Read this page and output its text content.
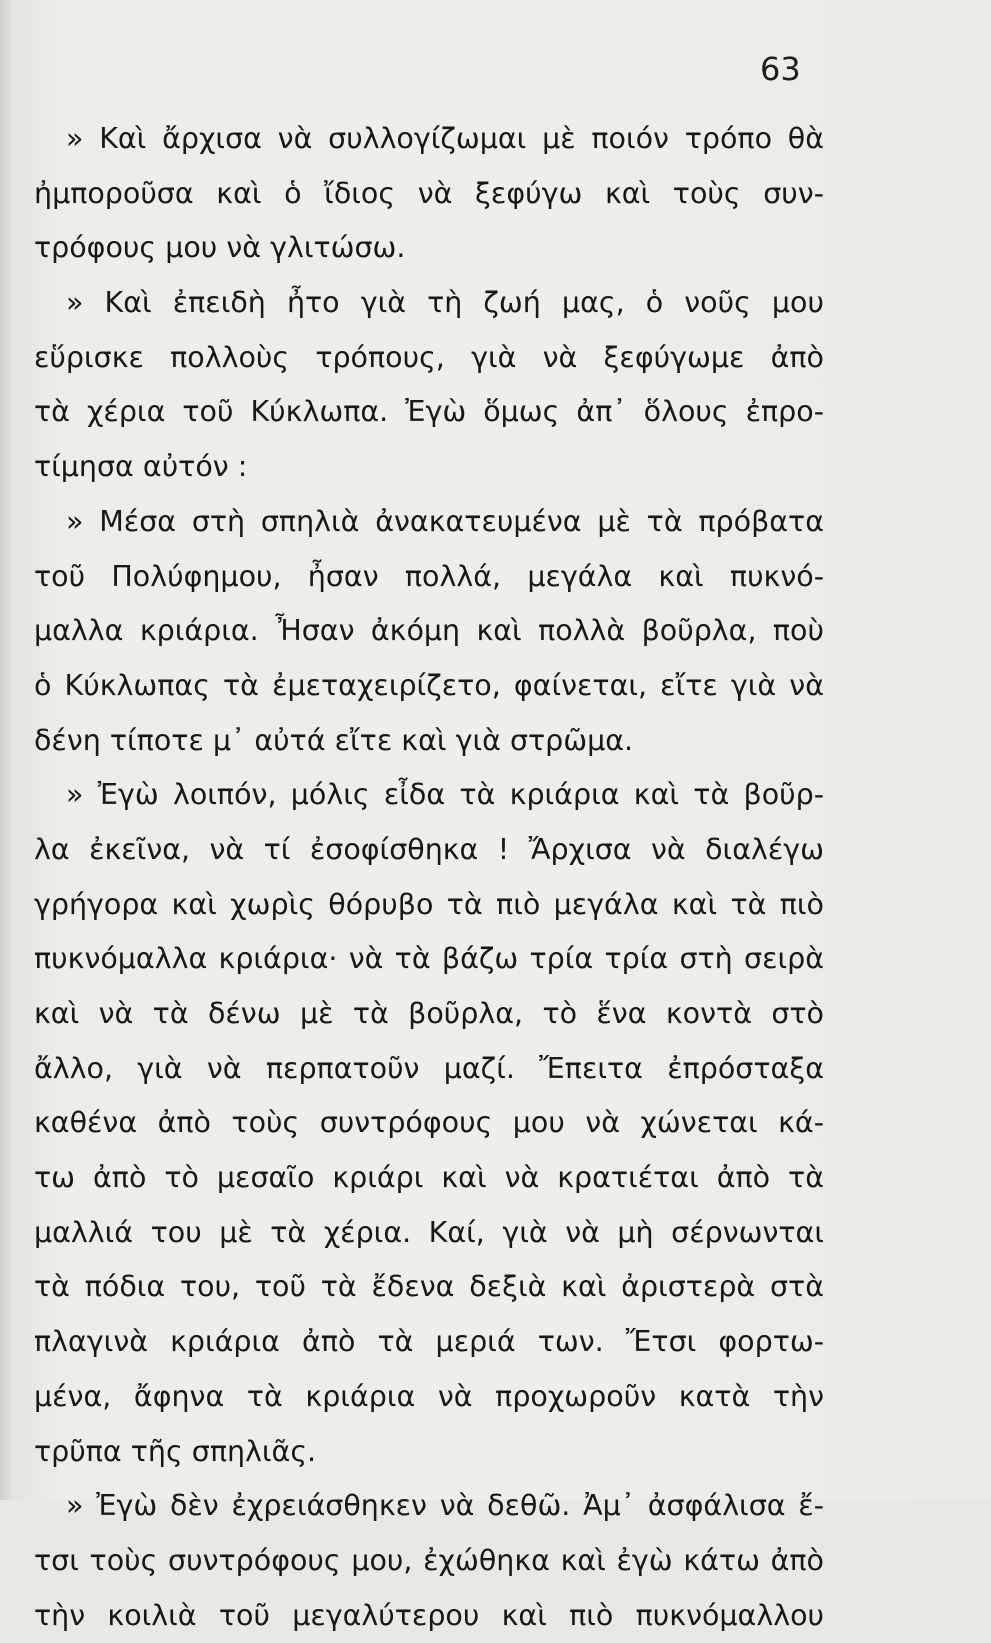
63
» Καὶ ἄρχισα νὰ συλλογίζωμαι μὲ ποιόν τρόπο θὰ
ἠμποροῦσα καὶ ὁ ἴδιος νὰ ξεφύγω καὶ τοὺς συν-
τρόφους μου νὰ γλιτώσω.
» Καὶ ἐπειδὴ ἦτο γιὰ τὴ ζωή μας, ὁ νοῦς μου
εὕρισκε πολλοὺς τρόπους, γιὰ νὰ ξεφύγωμε ἀπὸ
τὰ χέρια τοῦ Κύκλωπα. Ἐγὼ ὅμως ἀπ᾽ ὅλους ἐπρο-
τίμησα αὐτόν :
» Μέσα στὴ σπηλιὰ ἀνακατευμένα μὲ τὰ πρόβατα
τοῦ Πολύφημου, ἦσαν πολλά, μεγάλα καὶ πυκνό-
μαλλα κριάρια. Ἦσαν ἀκόμη καὶ πολλὰ βοῦρλα, ποὺ
ὁ Κύκλωπας τὰ ἐμεταχειρίζετο, φαίνεται, εἴτε γιὰ νὰ
δένη τίποτε μ᾽ αὐτά εἴτε καὶ γιὰ στρῶμα.
» Ἐγὼ λοιπόν, μόλις εἶδα τὰ κριάρια καὶ τὰ βοῦρ-
λα ἐκεῖνα, νὰ τί ἐσοφίσθηκα ! Ἄρχισα νὰ διαλέγω
γρήγορα καὶ χωρὶς θόρυβο τὰ πιὸ μεγάλα καὶ τὰ πιὸ
πυκνόμαλλα κριάρια· νὰ τὰ βάζω τρία τρία στὴ σειρὰ
καὶ νὰ τὰ δένω μὲ τὰ βοῦρλα, τὸ ἕνα κοντὰ στὸ
ἄλλο, γιὰ νὰ περπατοῦν μαζί. Ἔπειτα ἐπρόσταξα
καθένα ἀπὸ τοὺς συντρόφους μου νὰ χώνεται κά-
τω ἀπὸ τὸ μεσαῖο κριάρι καὶ νὰ κρατιέται ἀπὸ τὰ
μαλλιά του μὲ τὰ χέρια. Καί, γιὰ νὰ μὴ σέρνωνται
τὰ πόδια του, τοῦ τὰ ἔδενα δεξιὰ καὶ ἀριστερὰ στὰ
πλαγινὰ κριάρια ἀπὸ τὰ μεριά των. Ἔτσι φορτω-
μένα, ἄφηνα τὰ κριάρια νὰ προχωροῦν κατὰ τὴν
τρῦπα τῆς σπηλιᾶς.
» Ἐγὼ δὲν ἐχρειάσθηκεν νὰ δεθῶ. Ἀμ᾽ ἀσφάλισα ἔ-
τσι τοὺς συντρόφους μου, ἐχώθηκα καὶ ἐγὼ κάτω ἀπὸ
τὴν κοιλιὰ τοῦ μεγαλύτερου καὶ πιὸ πυκνόμαλλου
